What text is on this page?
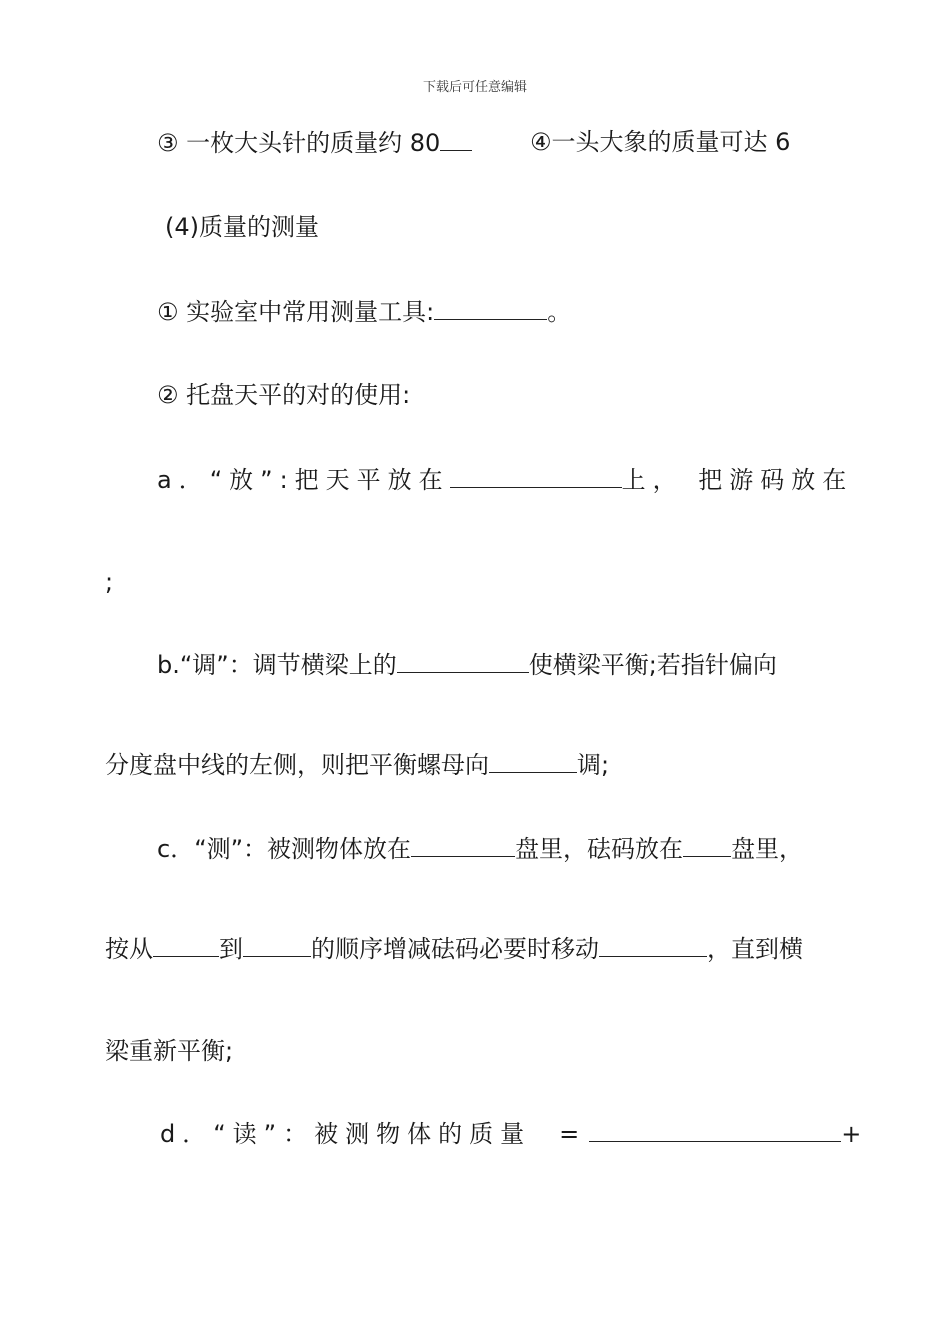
下载后可任意编辑
③ 一枚大头针的质量约 80	④一头大象的质量可达 6
(4)质量的测量
① 实验室中常用测量工具:	。
② 托盘天平的对的使用:
a．“放”:把天平放在	上， 把游码放在
;
b.“调”：调节横梁上的	使横梁平衡;若指针偏向
分度盘中线的左侧，则把平衡螺母向	调;
c．“测”：被测物体放在	盘里，砝码放在 盘里，
按从	到	的顺序增减砝码必要时移动	，直到横
梁重新平衡;
d．“读”：被测物体的质量 =	+
